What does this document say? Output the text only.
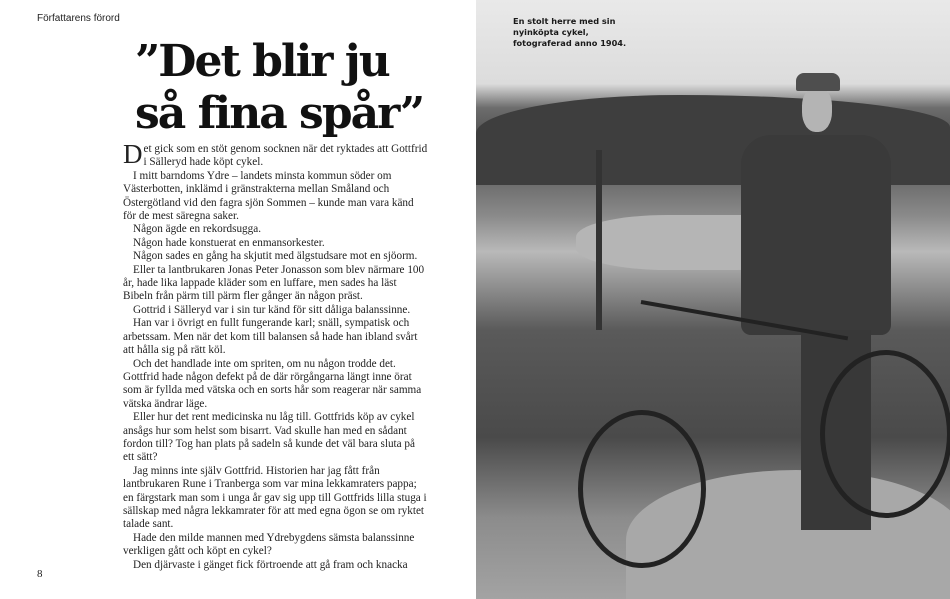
Författarens förord
”Det blir ju
så fina spår”

Det gick som en stöt genom socknen när det ryktades att Gottfrid i Sälleryd hade köpt cykel.

I mitt barndoms Ydre – landets minsta kommun söder om Västerbotten, inklämd i gränstrakterna mellan Småland och Östergötland vid den fagra sjön Sommen – kunde man vara känd för de mest säregna saker.

Någon ägde en rekordsugga.

Någon hade konstuerat en enmansorkester.

Någon sades en gång ha skjutit med älgstudsare mot en sjöorm.

Eller ta lantbrukaren Jonas Peter Jonasson som blev närmare 100 år, hade lika lappade kläder som en luffare, men sades ha läst Bibeln från pärm till pärm fler gånger än någon präst.

Gottrid i Sälleryd var i sin tur känd för sitt dåliga balanssinne.

Han var i övrigt en fullt fungerande karl; snäll, sympatisk och arbetssam. Men när det kom till balansen så hade han ibland svårt att hålla sig på rätt köl.

Och det handlade inte om spriten, om nu någon trodde det. Gottfrid hade någon defekt på de där rörgångarna längt inne örat som är fyllda med vätska och en sorts hår som reagerar när samma vätska ändrar läge.

Eller hur det rent medicinska nu låg till. Gottfrids köp av cykel ansågs hur som helst som bisarrt. Vad skulle han med en sådant fordon till? Tog han plats på sadeln så kunde det väl bara sluta på ett sätt?

Jag minns inte själv Gottfrid. Historien har jag fått från lantbrukaren Rune i Tranberga som var mina lekkamraters pappa; en färgstark man som i unga år gav sig upp till Gottfrids lilla stuga i sällskap med några lekkamrater för att med egna ögon se om ryktet talade sant.

Hade den milde mannen med Ydrebygdens sämsta balanssinne verkligen gått och köpt en cykel?

Den djärvaste i gänget fick förtroende att gå fram och knacka

8
En stolt herre med sin nyinköpta cykel, fotograferad anno 1904.
